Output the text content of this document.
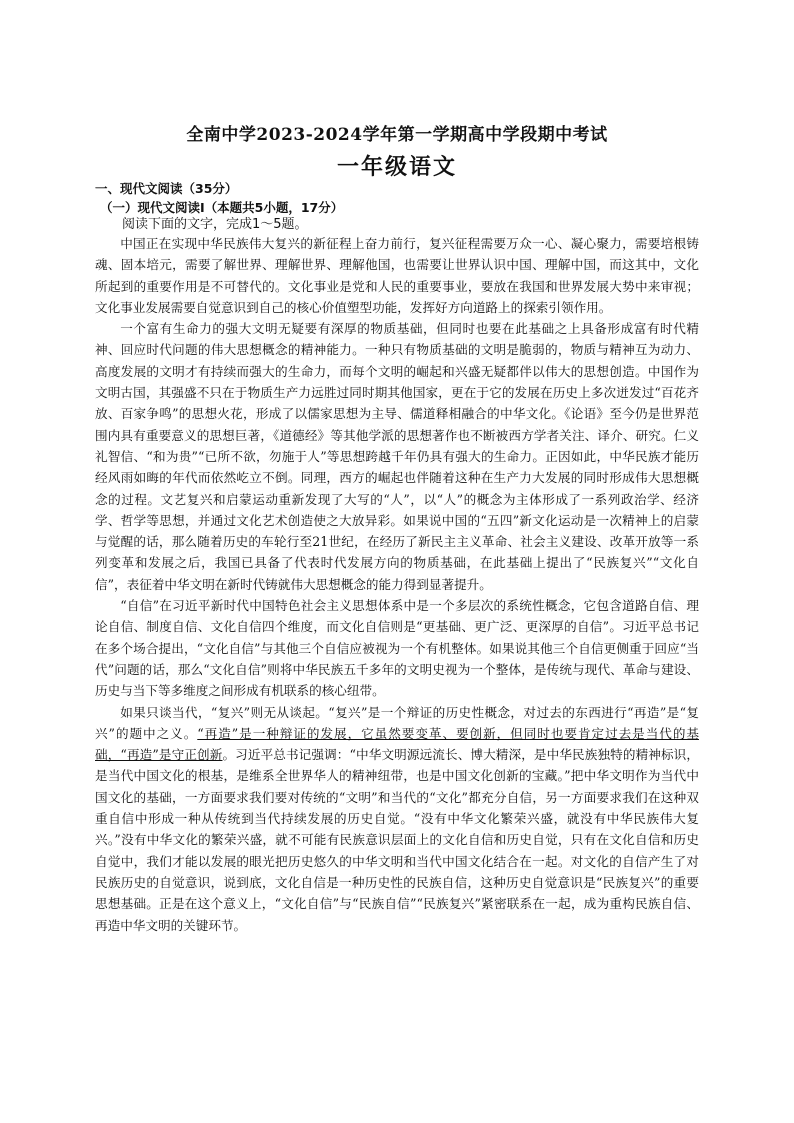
全南中学2023-2024学年第一学期高中学段期中考试
一年级语文
一、现代文阅读（35分）
（一）现代文阅读Ⅰ（本题共5小题，17分）
阅读下面的文字，完成1～5题。

中国正在实现中华民族伟大复兴的新征程上奋力前行，复兴征程需要万众一心、凝心聚力，需要培根铸魂、固本培元，需要了解世界、理解世界、理解他国，也需要让世界认识中国、理解中国，而这其中，文化所起到的重要作用是不可替代的。文化事业是党和人民的重要事业，要放在我国和世界发展大势中来审视；文化事业发展需要自觉意识到自己的核心价值塑型功能，发挥好方向道路上的探索引领作用。

一个富有生命力的强大文明无疑要有深厚的物质基础，但同时也要在此基础之上具备形成富有时代精神、回应时代问题的伟大思想概念的精神能力。一种只有物质基础的文明是脆弱的，物质与精神互为动力、高度发展的文明才有持续而强大的生命力，而每个文明的崛起和兴盛无疑都伴以伟大的思想创造。中国作为文明古国，其强盛不只在于物质生产力远胜过同时期其他国家，更在于它的发展在历史上多次迸发过“百花齐放、百家争鸣”的思想火花，形成了以儒家思想为主导、儒道释相融合的中华文化。《论语》至今仍是世界范围内具有重要意义的思想巨著，《道德经》等其他学派的思想著作也不断被西方学者关注、译介、研究。仁义礼智信、“和为贵”“已所不欲，勿施于人”等思想跨越千年仍具有强大的生命力。正因如此，中华民族才能历经风雨如晦的年代而依然屹立不倒。同理，西方的崛起也伴随着这种在生产力大发展的同时形成伟大思想概念的过程。文艺复兴和启蒙运动重新发现了大写的“人”，以“人”的概念为主体形成了一系列政治学、经济学、哲学等思想，并通过文化艺术创造使之大放异彩。如果说中国的“五四”新文化运动是一次精神上的启蒙与觉醒的话，那么随着历史的车轮行至21世纪，在经历了新民主主义革命、社会主义建设、改革开放等一系列变革和发展之后，我国已具备了代表时代发展方向的物质基础，在此基础上提出了“民族复兴”“文化自信”，表征着中华文明在新时代铸就伟大思想概念的能力得到显著提升。

“自信”在习近平新时代中国特色社会主义思想体系中是一个多层次的系统性概念，它包含道路自信、理论自信、制度自信、文化自信四个维度，而文化自信则是“更基础、更广泛、更深厚的自信”。习近平总书记在多个场合提出，“文化自信”与其他三个自信应被视为一个有机整体。如果说其他三个自信更侧重于回应“当代”问题的话，那么“文化自信”则将中华民族五千多年的文明史视为一个整体，是传统与现代、革命与建设、历史与当下等多维度之间形成有机联系的核心纽带。

如果只谈当代，“复兴”则无从谈起。“复兴”是一个辩证的历史性概念，对过去的东西进行“再造”是“复兴”的题中之义。“再造”是一种辩证的发展，它虽然要变革、要创新，但同时也要肯定过去是当代的基础，“再造”是守正创新。习近平总书记强调：“中华文明源远流长、博大精深，是中华民族独特的精神标识，是当代中国文化的根基，是维系全世界华人的精神纽带，也是中国文化创新的宝藏。”把中华文明作为当代中国文化的基础，一方面要求我们要对传统的“文明”和当代的“文化”都充分自信，另一方面要求我们在这种双重自信中形成一种从传统到当代持续发展的历史自觉。“没有中华文化繁荣兴盛，就没有中华民族伟大复兴。”没有中华文化的繁荣兴盛，就不可能有民族意识层面上的文化自信和历史自觉，只有在文化自信和历史自觉中，我们才能以发展的眼光把历史悠久的中华文明和当代中国文化结合在一起。对文化的自信产生了对民族历史的自觉意识，说到底，文化自信是一种历史性的民族自信，这种历史自觉意识是“民族复兴”的重要思想基础。正是在这个意义上，“文化自信”与“民族自信”“民族复兴”紧密联系在一起，成为重构民族自信、再造中华文明的关键环节。
